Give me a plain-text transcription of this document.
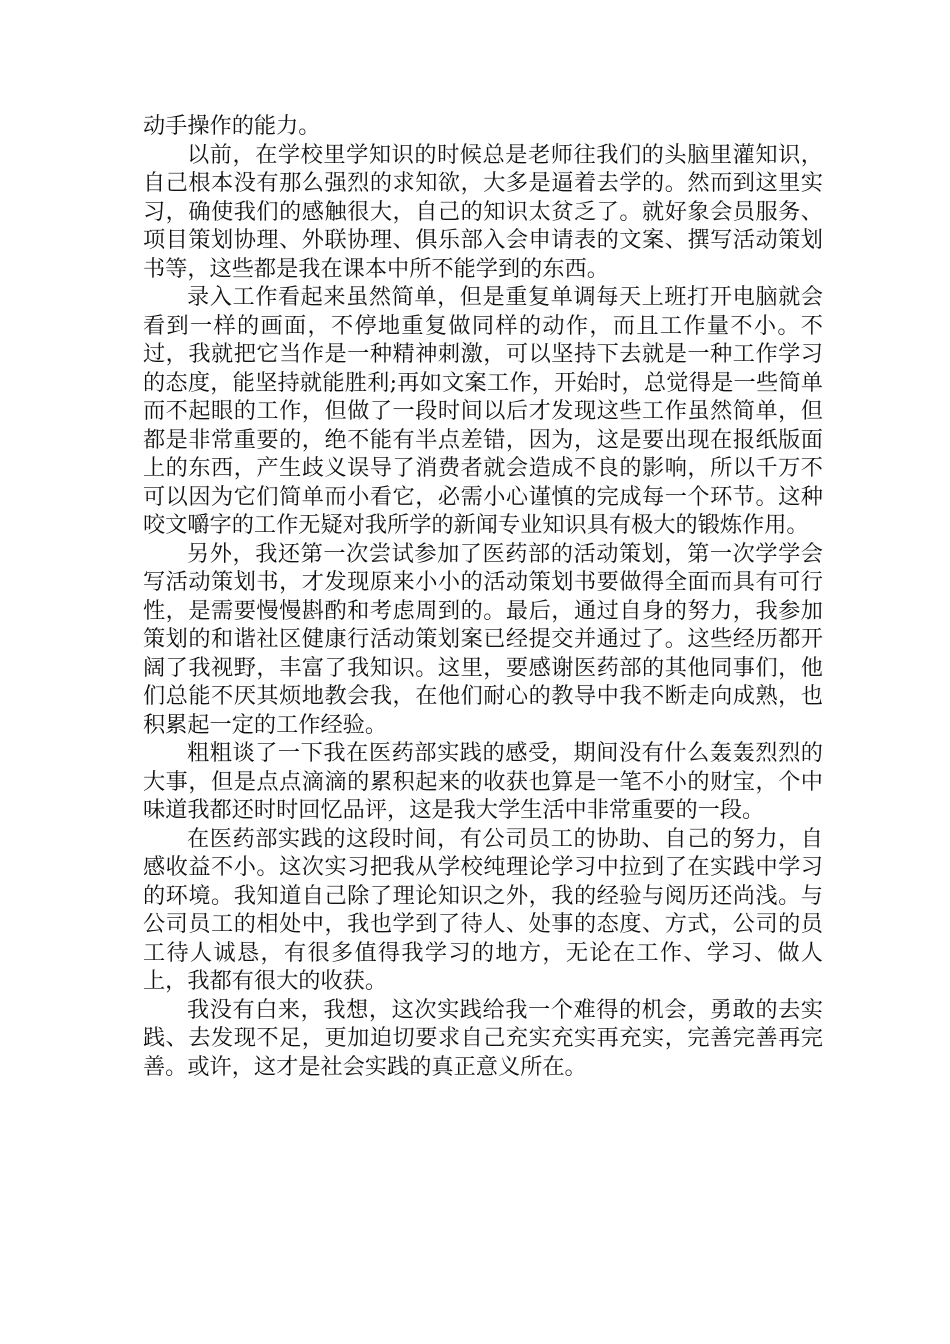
动手操作的能力。

以前，在学校里学知识的时候总是老师往我们的头脑里灌知识，自己根本没有那么强烈的求知欲，大多是逼着去学的。然而到这里实习，确使我们的感触很大，自己的知识太贫乏了。就好象会员服务、项目策划协理、外联协理、俱乐部入会申请表的文案、撰写活动策划书等，这些都是我在课本中所不能学到的东西。

录入工作看起来虽然简单，但是重复单调每天上班打开电脑就会看到一样的画面，不停地重复做同样的动作，而且工作量不小。不过，我就把它当作是一种精神刺激，可以坚持下去就是一种工作学习的态度，能坚持就能胜利;再如文案工作，开始时，总觉得是一些简单而不起眼的工作，但做了一段时间以后才发现这些工作虽然简单，但都是非常重要的，绝不能有半点差错，因为，这是要出现在报纸版面上的东西，产生歧义误导了消费者就会造成不良的影响，所以千万不可以因为它们简单而小看它，必需小心谨慎的完成每一个环节。这种咬文嚼字的工作无疑对我所学的新闻专业知识具有极大的锻炼作用。

另外，我还第一次尝试参加了医药部的活动策划，第一次学学会写活动策划书，才发现原来小小的活动策划书要做得全面而具有可行性，是需要慢慢斟酌和考虑周到的。最后，通过自身的努力，我参加策划的和谐社区健康行活动策划案已经提交并通过了。这些经历都开阔了我视野，丰富了我知识。这里，要感谢医药部的其他同事们，他们总能不厌其烦地教会我，在他们耐心的教导中我不断走向成熟，也积累起一定的工作经验。

粗粗谈了一下我在医药部实践的感受，期间没有什么轰轰烈烈的大事，但是点点滴滴的累积起来的收获也算是一笔不小的财宝，个中味道我都还时时回忆品评，这是我大学生活中非常重要的一段。

在医药部实践的这段时间，有公司员工的协助、自己的努力，自感收益不小。这次实习把我从学校纯理论学习中拉到了在实践中学习的环境。我知道自己除了理论知识之外，我的经验与阅历还尚浅。与公司员工的相处中，我也学到了待人、处事的态度、方式，公司的员工待人诚恳，有很多值得我学习的地方，无论在工作、学习、做人上，我都有很大的收获。

我没有白来，我想，这次实践给我一个难得的机会，勇敢的去实践、去发现不足，更加迫切要求自己充实充实再充实，完善完善再完善。或许，这才是社会实践的真正意义所在。
